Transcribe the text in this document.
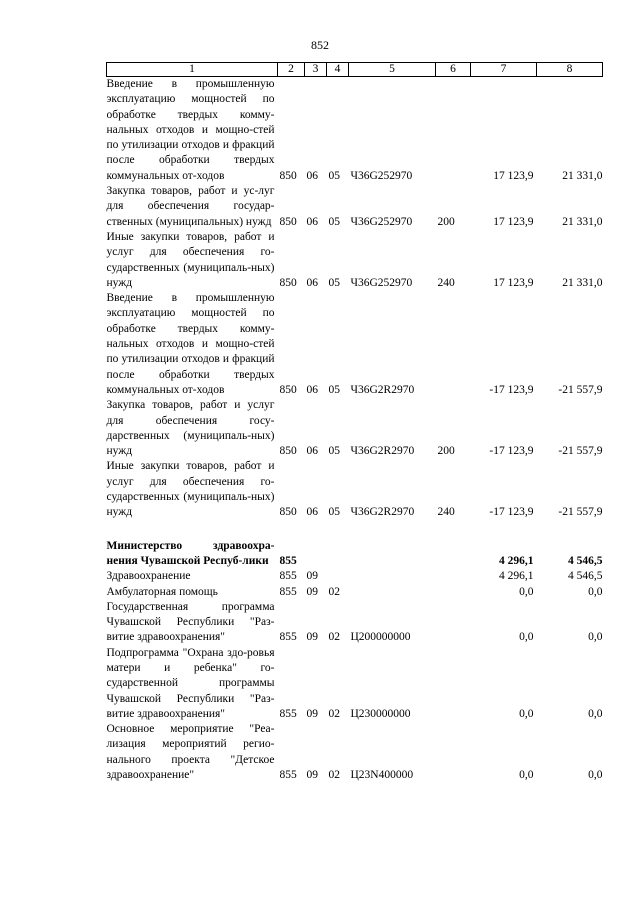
852
1	2	3	4	5	6	7	8
Введение в промышленную эксплуатацию мощностей по обработке твердых комму-нальных отходов и мощно-стей по утилизации отходов и фракций после обработки твердых коммунальных от-ходов	850	06	05	Ч36G252970		17 123,9	21 331,0
Закупка товаров, работ и ус-луг для обеспечения государ-ственных (муниципальных) нужд	850	06	05	Ч36G252970	200	17 123,9	21 331,0
Иные закупки товаров, работ и услуг для обеспечения го-сударственных (муниципаль-ных) нужд	850	06	05	Ч36G252970	240	17 123,9	21 331,0
Введение в промышленную эксплуатацию мощностей по обработке твердых комму-нальных отходов и мощно-стей по утилизации отходов и фракций после обработки твердых коммунальных от-ходов	850	06	05	Ч36G2R2970		-17 123,9	-21 557,9
Закупка товаров, работ и услуг для обеспечения госу-дарственных (муниципаль-ных) нужд	850	06	05	Ч36G2R2970	200	-17 123,9	-21 557,9
Иные закупки товаров, работ и услуг для обеспечения го-сударственных (муниципаль-ных) нужд	850	06	05	Ч36G2R2970	240	-17 123,9	-21 557,9

Министерство здравоохра-нения Чувашской Респуб-лики	855					4 296,1	4 546,5
Здравоохранение	855	09				4 296,1	4 546,5
Амбулаторная помощь	855	09	02			0,0	0,0
Государственная программа Чувашской Республики "Раз-витие здравоохранения"	855	09	02	Ц200000000		0,0	0,0
Подпрограмма "Охрана здо-ровья матери и ребенка" го-сударственной программы Чувашской Республики "Раз-витие здравоохранения"	855	09	02	Ц230000000		0,0	0,0
Основное мероприятие "Реа-лизация мероприятий регио-нального проекта "Детское здравоохранение"	855	09	02	Ц23N400000		0,0	0,0
